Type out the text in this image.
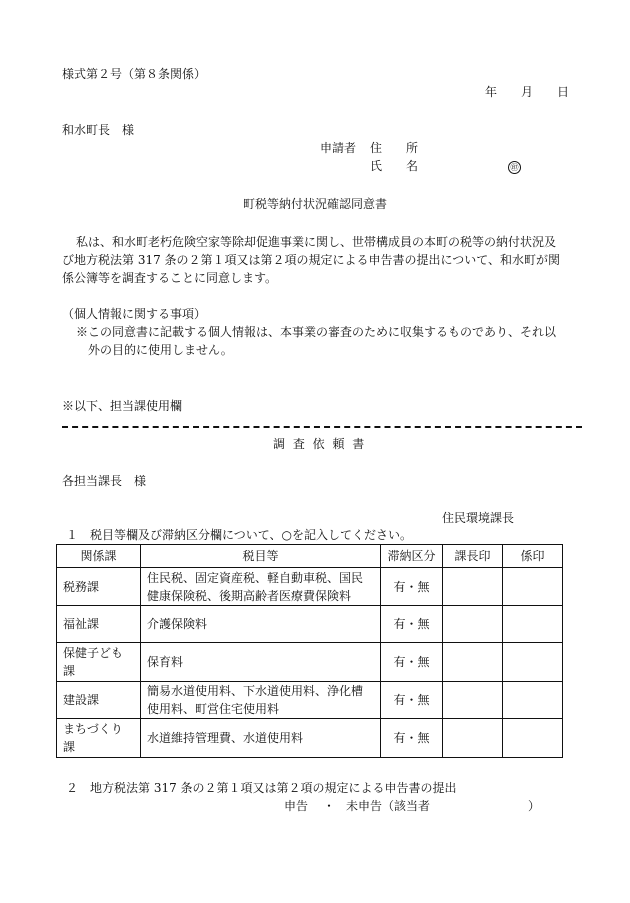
様式第２号（第８条関係）
年 月 日
和水町長　様
申請者 住　　所
氏　　名	㊞
町税等納付状況確認同意書
私は、和水町老朽危険空家等除却促進事業に関し、世帯構成員の本町の税等の納付状況及
び地方税法第 317 条の２第１項又は第２項の規定による申告書の提出について、和水町が関
係公簿等を調査することに同意します。
（個人情報に関する事項）
※この同意書に記載する個人情報は、本事業の審査のために収集するものであり、それ以
外の目的に使用しません。
※以下、担当課使用欄
調 査 依 頼 書
各担当課長　様
住民環境課長
１　税目等欄及び滞納区分欄について、○を記入してください。
関係課	税目等	滞納区分	課長印	係印
税務課	住民税、固定資産税、軽自動車税、国民
健康保険税、後期高齢者医療費保険料	有・無		
福祉課	介護保険料	有・無		
保健子ども課	保育料	有・無		
建設課	簡易水道使用料、下水道使用料、浄化槽
使用料、町営住宅使用料	有・無		
まちづくり課	水道維持管理費、水道使用料	有・無		
２　地方税法第 317 条の２第１項又は第２項の規定による申告書の提出
申告 ・ 未申告（該当者	）
